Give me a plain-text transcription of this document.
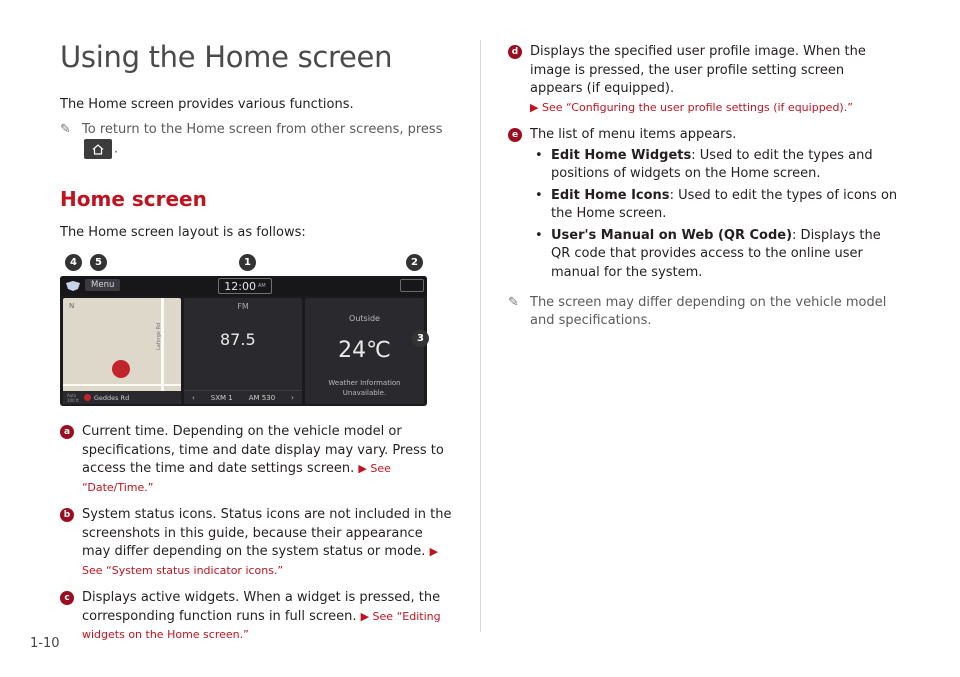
Using the Home screen

The Home screen provides various functions.

✎ To return to the Home screen from other screens, press
.
Home screen

The Home screen layout is as follows:

4	5	1	2
3
Menu	12:00 AM
N
Laforge Rd
Auto
100 ft Geddes Rd
FM
87.5
‹ SXM 1 AM 530 ›
Outside
24℃
Weather Information
Unavailable.
a Current time. Depending on the vehicle model or specifications, time and date display may vary. Press to access the time and date settings screen. ▶ See “Date/Time.”
b System status icons. Status icons are not included in the screenshots in this guide, because their appearance may differ depending on the system status or mode. ▶ See “System status indicator icons.”
c Displays active widgets. When a widget is pressed, the corresponding function runs in full screen. ▶ See “Editing widgets on the Home screen.”
d Displays the specified user profile image. When the image is pressed, the user profile setting screen appears (if equipped).
▶ See “Configuring the user profile settings (if equipped).”
e The list of menu items appears.
• Edit Home Widgets: Used to edit the types and positions of widgets on the Home screen.
• Edit Home Icons: Used to edit the types of icons on the Home screen.
• User's Manual on Web (QR Code): Displays the QR code that provides access to the online user manual for the system.
✎ The screen may differ depending on the vehicle model and specifications.
1-10
